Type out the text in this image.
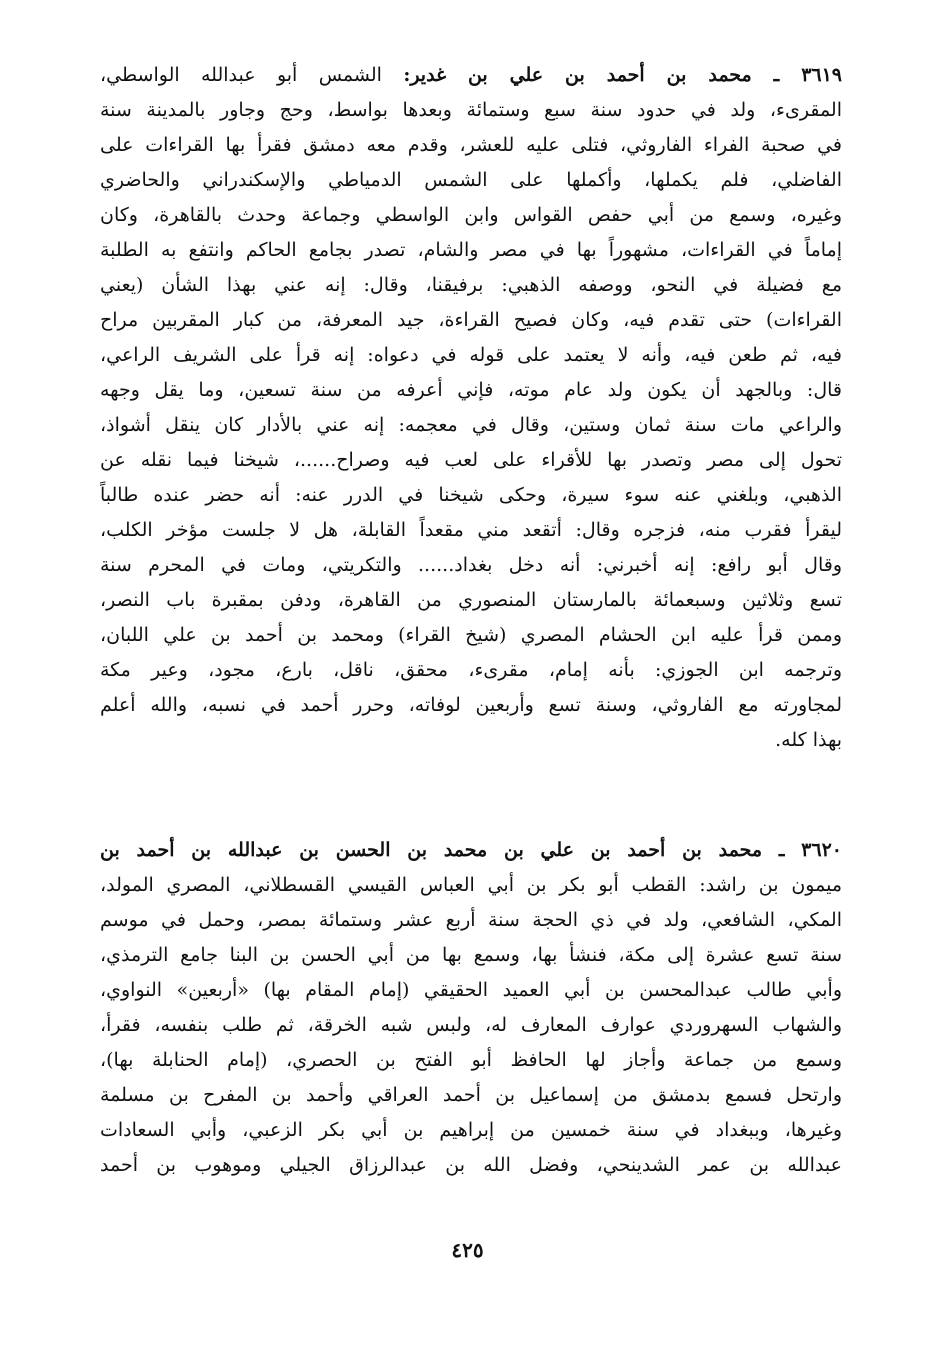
٣٦١٩ ـ محمد بن أحمد بن علي بن غدير: الشمس أبو عبدالله الواسطي،
المقرىء، ولد في حدود سنة سبع وستمائة وبعدها بواسط، وحج وجاور بالمدينة سنة
في صحبة الفراء الفاروثي، فتلى عليه للعشر، وقدم معه دمشق فقرأ بها القراءات على
الفاضلي، فلم يكملها، وأكملها على الشمس الدمياطي والإسكندراني والحاضري
وغيره، وسمع من أبي حفص القواس وابن الواسطي وجماعة وحدث بالقاهرة، وكان
إماماً في القراءات، مشهوراً بها في مصر والشام، تصدر بجامع الحاكم وانتفع به الطلبة
مع فضيلة في النحو، ووصفه الذهبي: برفيقنا، وقال: إنه عني بهذا الشأن (يعني
القراءات) حتى تقدم فيه، وكان فصيح القراءة، جيد المعرفة، من كبار المقربين مراح
فيه، ثم طعن فيه، وأنه لا يعتمد على قوله في دعواه: إنه قرأ على الشريف الراعي،
قال: وبالجهد أن يكون ولد عام موته، فإني أعرفه من سنة تسعين، وما يقل وجهه
والراعي مات سنة ثمان وستين، وقال في معجمه: إنه عني بالأدار كان ينقل أشواذ،
تحول إلى مصر وتصدر بها للأقراء على لعب فيه وصراح......، شيخنا فيما نقله عن
الذهبي، وبلغني عنه سوء سيرة، وحكى شيخنا في الدرر عنه: أنه حضر عنده طالباً
ليقرأ فقرب منه، فزجره وقال: أتقعد مني مقعداً القابلة، هل لا جلست مؤخر الكلب،
وقال أبو رافع: إنه أخبرني: أنه دخل بغداد...... والتكريتي، ومات في المحرم سنة
تسع وثلاثين وسبعمائة بالمارستان المنصوري من القاهرة، ودفن بمقبرة باب النصر،
وممن قرأ عليه ابن الحشام المصري (شيخ القراء) ومحمد بن أحمد بن علي اللبان،
وترجمه ابن الجوزي: بأنه إمام، مقرىء، محقق، ناقل، بارع، مجود، وعير مكة
لمجاورته مع الفاروثي، وسنة تسع وأربعين لوفاته، وحرر أحمد في نسبه، والله أعلم
بهذا كله.
٣٦٢٠ ـ محمد بن أحمد بن علي بن محمد بن الحسن بن عبدالله بن أحمد بن
ميمون بن راشد: القطب أبو بكر بن أبي العباس القيسي القسطلاني، المصري المولد،
المكي، الشافعي، ولد في ذي الحجة سنة أربع عشر وستمائة بمصر، وحمل في موسم
سنة تسع عشرة إلى مكة، فنشأ بها، وسمع بها من أبي الحسن بن البنا جامع الترمذي،
وأبي طالب عبدالمحسن بن أبي العميد الحقيقي (إمام المقام بها) «أربعين» النواوي،
والشهاب السهروردي عوارف المعارف له، ولبس شبه الخرقة، ثم طلب بنفسه، فقرأ،
وسمع من جماعة وأجاز لها الحافظ أبو الفتح بن الحصري، (إمام الحنابلة بها)،
وارتحل فسمع بدمشق من إسماعيل بن أحمد العراقي وأحمد بن المفرح بن مسلمة
وغيرها، وببغداد في سنة خمسين من إبراهيم بن أبي بكر الزعبي، وأبي السعادات
عبدالله بن عمر الشدينحي، وفضل الله بن عبدالرزاق الجيلي وموهوب بن أحمد
٤٢٥
